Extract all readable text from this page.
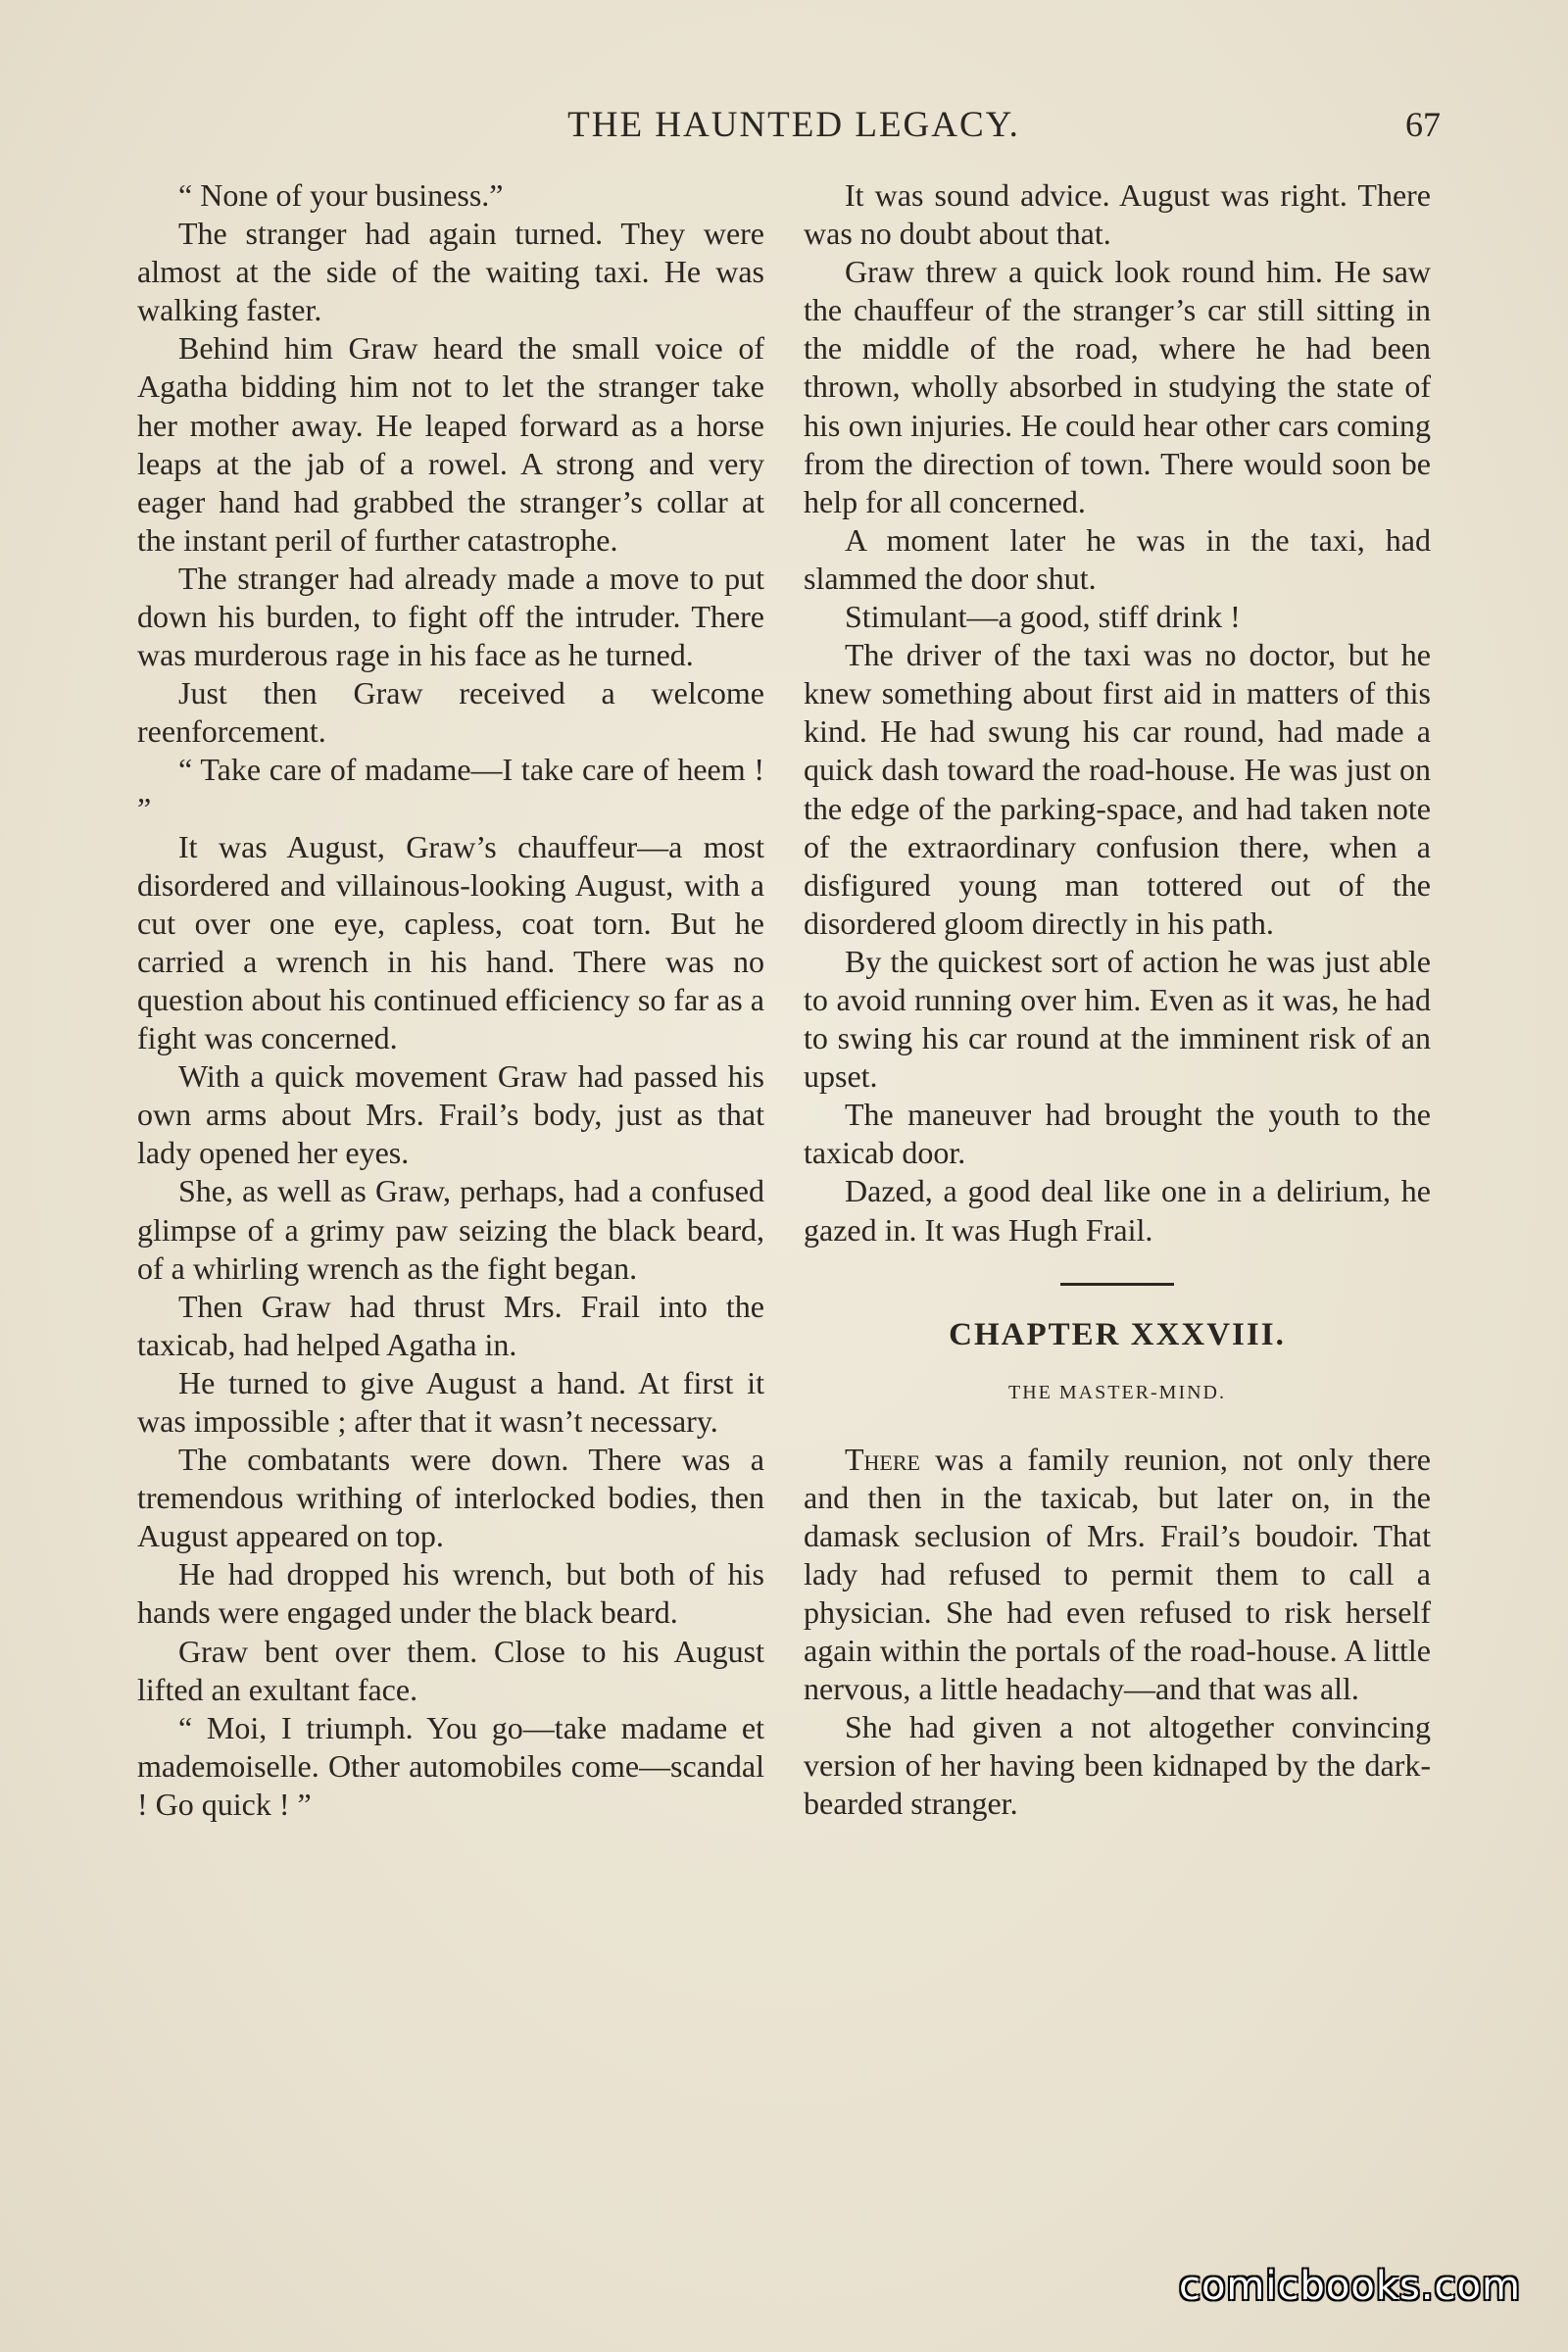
THE HAUNTED LEGACY.	67

“ None of your business.”

The stranger had again turned. They were almost at the side of the waiting taxi. He was walking faster.

Behind him Graw heard the small voice of Agatha bidding him not to let the stranger take her mother away. He leaped forward as a horse leaps at the jab of a rowel. A strong and very eager hand had grabbed the stranger’s collar at the instant peril of further catastrophe.

The stranger had already made a move to put down his burden, to fight off the intruder. There was murderous rage in his face as he turned.

Just then Graw received a welcome reenforcement.

“ Take care of madame—I take care of heem ! ”

It was August, Graw’s chauffeur—a most disordered and villainous-looking August, with a cut over one eye, capless, coat torn. But he carried a wrench in his hand. There was no question about his continued efficiency so far as a fight was concerned.

With a quick movement Graw had passed his own arms about Mrs. Frail’s body, just as that lady opened her eyes.

She, as well as Graw, perhaps, had a confused glimpse of a grimy paw seizing the black beard, of a whirling wrench as the fight began.

Then Graw had thrust Mrs. Frail into the taxicab, had helped Agatha in.

He turned to give August a hand. At first it was impossible ; after that it wasn’t necessary.

The combatants were down. There was a tremendous writhing of interlocked bodies, then August appeared on top.

He had dropped his wrench, but both of his hands were engaged under the black beard.

Graw bent over them. Close to his August lifted an exultant face.

“ Moi, I triumph. You go—take madame et mademoiselle. Other automobiles come—scandal ! Go quick ! ”

It was sound advice. August was right. There was no doubt about that.

Graw threw a quick look round him. He saw the chauffeur of the stranger’s car still sitting in the middle of the road, where he had been thrown, wholly absorbed in studying the state of his own injuries. He could hear other cars coming from the direction of town. There would soon be help for all concerned.

A moment later he was in the taxi, had slammed the door shut.

Stimulant—a good, stiff drink !

The driver of the taxi was no doctor, but he knew something about first aid in matters of this kind. He had swung his car round, had made a quick dash toward the road-house. He was just on the edge of the parking-space, and had taken note of the extraordinary confusion there, when a disfigured young man tottered out of the disordered gloom directly in his path.

By the quickest sort of action he was just able to avoid running over him. Even as it was, he had to swing his car round at the imminent risk of an upset.

The maneuver had brought the youth to the taxicab door.

Dazed, a good deal like one in a delirium, he gazed in. It was Hugh Frail.

CHAPTER XXXVIII.
THE MASTER-MIND.

There was a family reunion, not only there and then in the taxicab, but later on, in the damask seclusion of Mrs. Frail’s boudoir. That lady had refused to permit them to call a physician. She had even refused to risk herself again within the portals of the road-house. A little nervous, a little headachy—and that was all.

She had given a not altogether convincing version of her having been kidnaped by the dark-bearded stranger.

comicbooks.com
